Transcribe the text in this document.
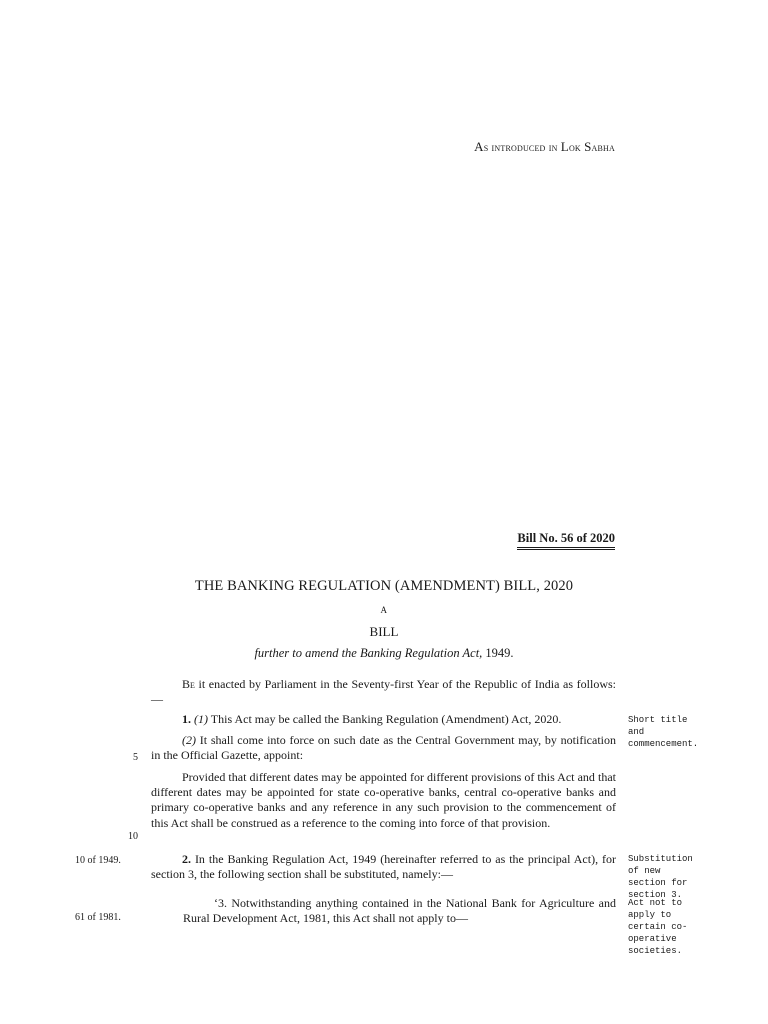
As introduced in Lok Sabha
Bill No. 56 of 2020
THE BANKING REGULATION (AMENDMENT) BILL, 2020
A
BILL
further to amend the Banking Regulation Act, 1949.
Be it enacted by Parliament in the Seventy-first Year of the Republic of India as follows:—
1. (1) This Act may be called the Banking Regulation (Amendment) Act, 2020.
(2) It shall come into force on such date as the Central Government may, by notification in the Official Gazette, appoint:
Provided that different dates may be appointed for different provisions of this Act and that different dates may be appointed for state co-operative banks, central co-operative banks and primary co-operative banks and any reference in any such provision to the commencement of this Act shall be construed as a reference to the coming into force of that provision.
2. In the Banking Regulation Act, 1949 (hereinafter referred to as the principal Act), for section 3, the following section shall be substituted, namely:—
‘3. Notwithstanding anything contained in the National Bank for Agriculture and Rural Development Act, 1981, this Act shall not apply to—
5
10
10 of 1949.
61 of 1981.
Short title and commencement.
Substitution of new section for section 3.
Act not to apply to certain co-operative societies.
